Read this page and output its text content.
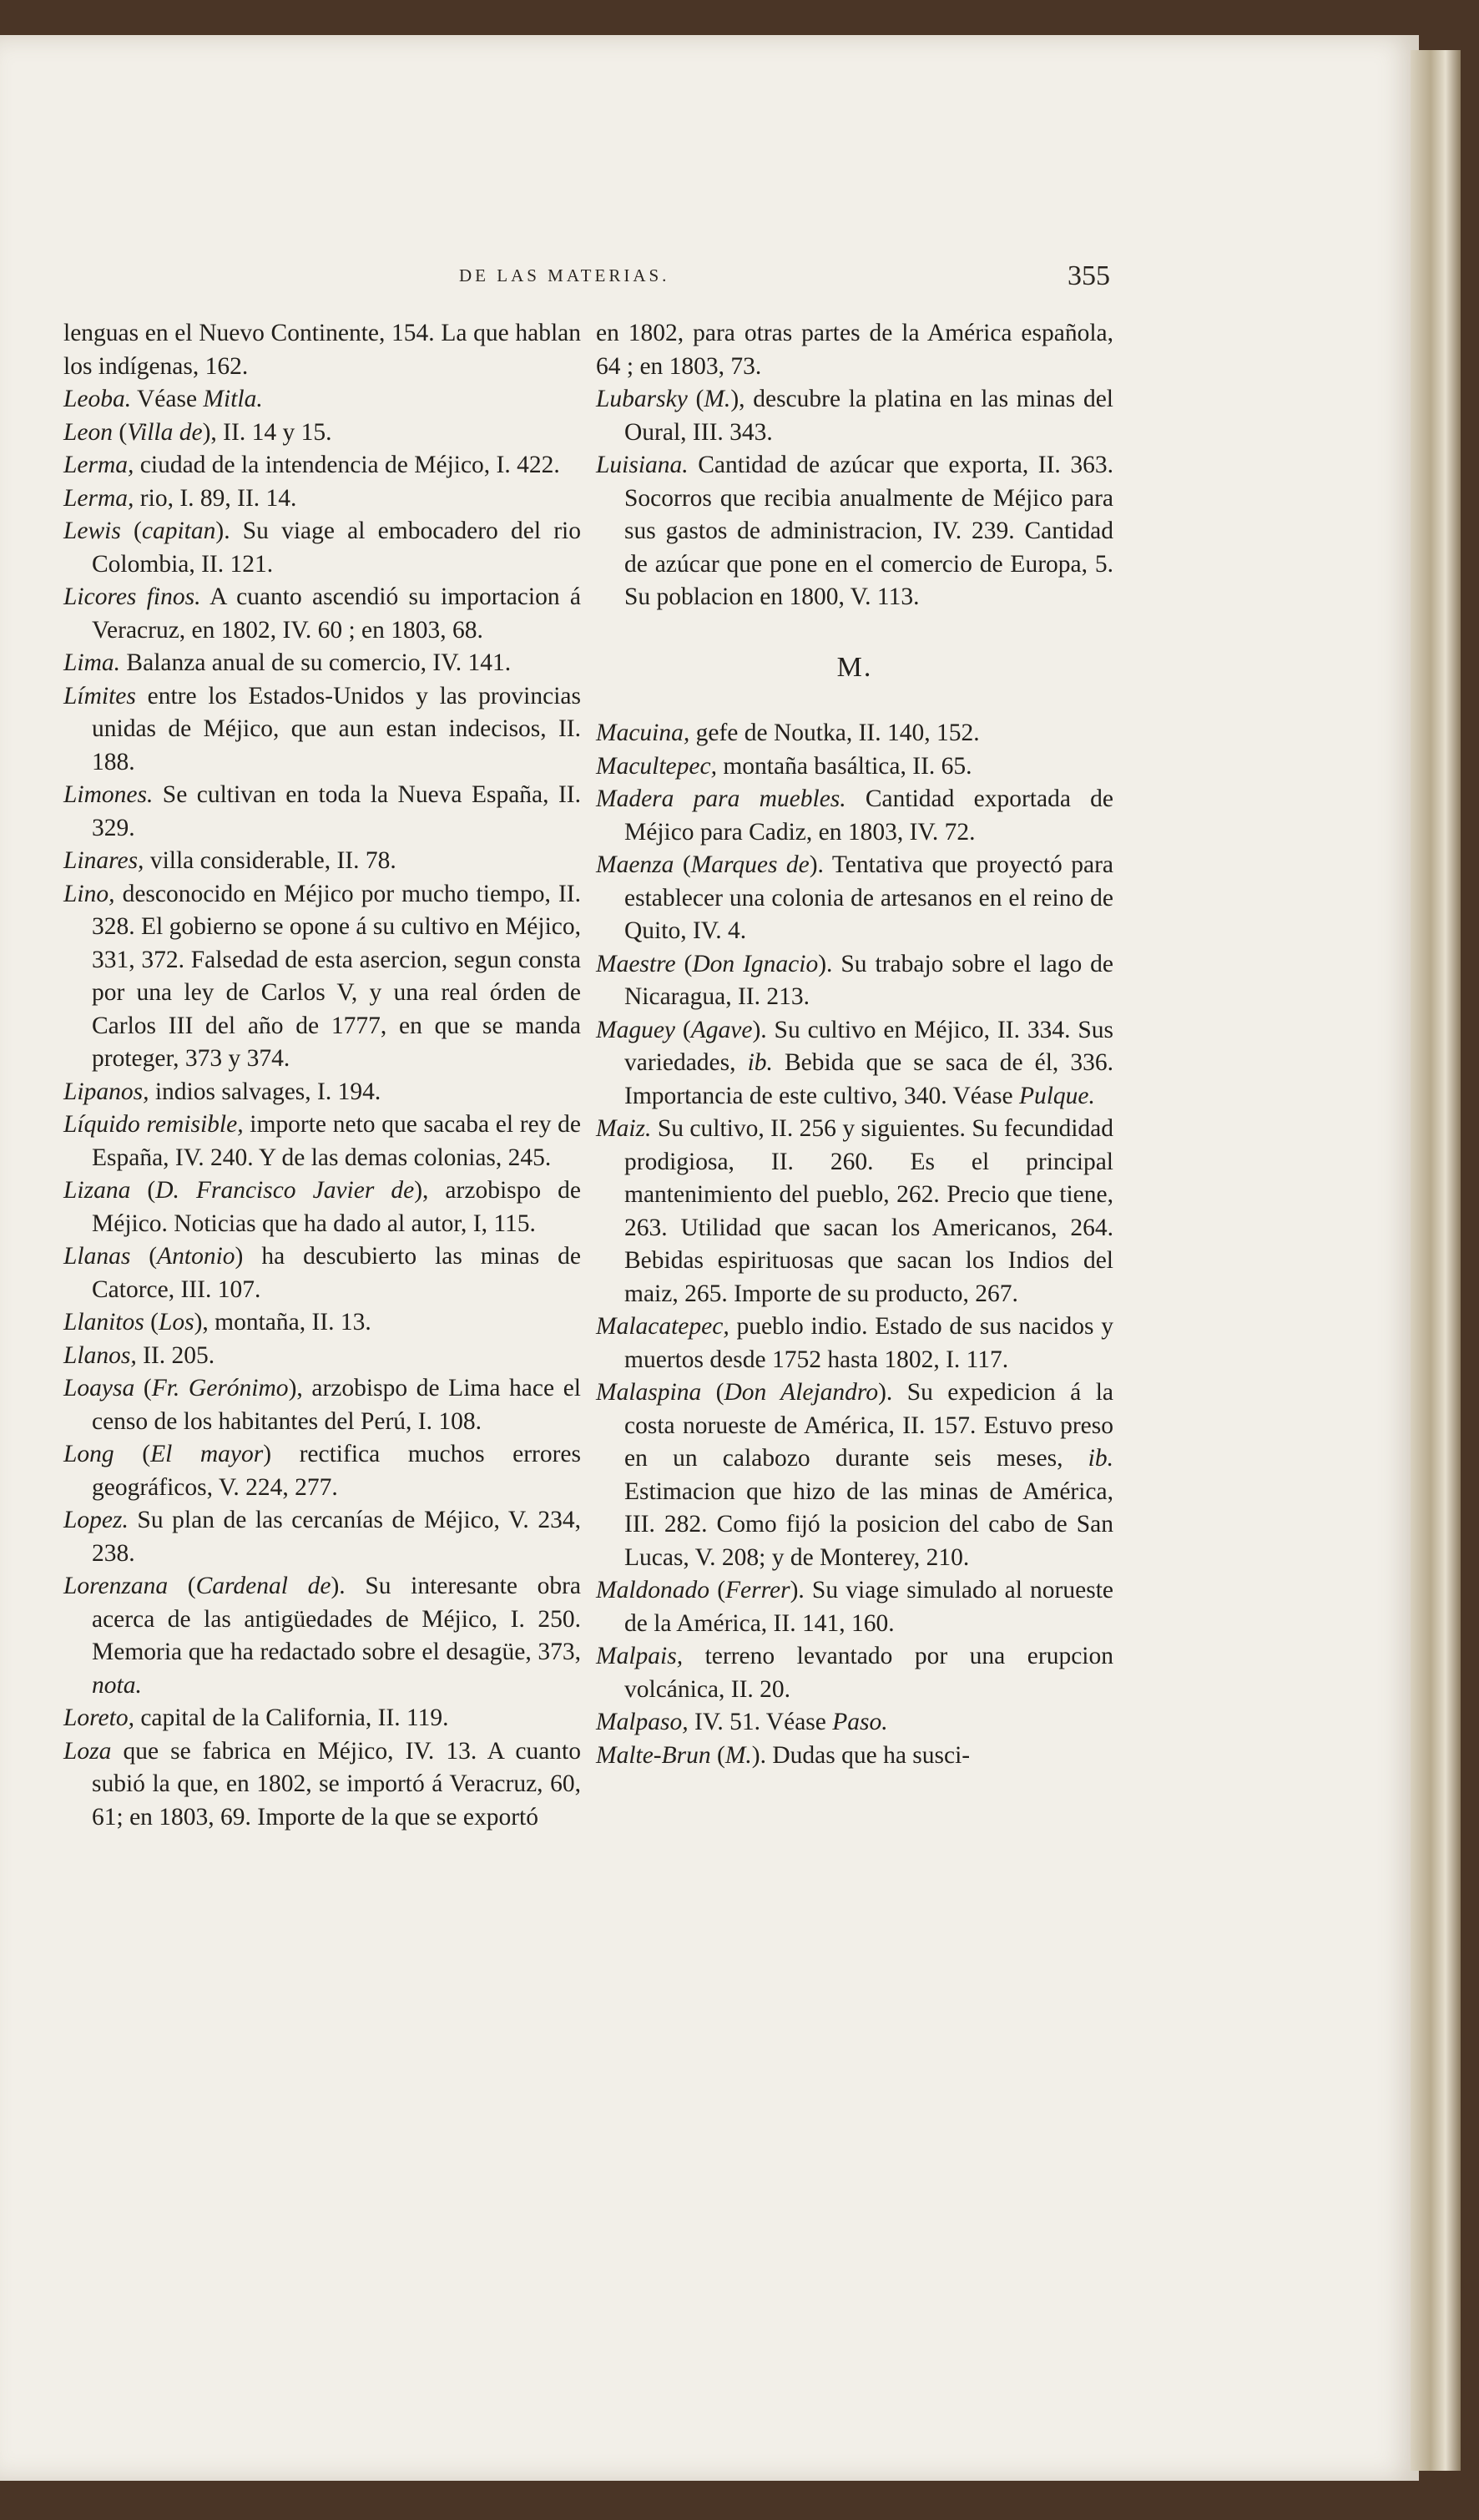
DE LAS MATERIAS.	355

lenguas en el Nuevo Continente, 154. La que hablan los indígenas, 162.

Leoba. Véase Mitla.

Leon (Villa de), II. 14 y 15.

Lerma, ciudad de la intendencia de Méjico, I. 422.

Lerma, rio, I. 89, II. 14.

Lewis (capitan). Su viage al embocadero del rio Colombia, II. 121.

Licores finos. A cuanto ascendió su importacion á Veracruz, en 1802, IV. 60 ; en 1803, 68.

Lima. Balanza anual de su comercio, IV. 141.

Límites entre los Estados-Unidos y las provincias unidas de Méjico, que aun estan indecisos, II. 188.

Limones. Se cultivan en toda la Nueva España, II. 329.

Linares, villa considerable, II. 78.

Lino, desconocido en Méjico por mucho tiempo, II. 328. El gobierno se opone á su cultivo en Méjico, 331, 372. Falsedad de esta asercion, segun consta por una ley de Carlos V, y una real órden de Carlos III del año de 1777, en que se manda proteger, 373 y 374.

Lipanos, indios salvages, I. 194.

Líquido remisible, importe neto que sacaba el rey de España, IV. 240. Y de las demas colonias, 245.

Lizana (D. Francisco Javier de), arzobispo de Méjico. Noticias que ha dado al autor, I, 115.

Llanas (Antonio) ha descubierto las minas de Catorce, III. 107.

Llanitos (Los), montaña, II. 13.

Llanos, II. 205.

Loaysa (Fr. Gerónimo), arzobispo de Lima hace el censo de los habitantes del Perú, I. 108.

Long (El mayor) rectifica muchos errores geográficos, V. 224, 277.

Lopez. Su plan de las cercanías de Méjico, V. 234, 238.

Lorenzana (Cardenal de). Su interesante obra acerca de las antigüedades de Méjico, I. 250. Memoria que ha redactado sobre el desagüe, 373, nota.

Loreto, capital de la California, II. 119.

Loza que se fabrica en Méjico, IV. 13. A cuanto subió la que, en 1802, se importó á Veracruz, 60, 61; en 1803, 69. Importe de la que se exportó

en 1802, para otras partes de la América española, 64 ; en 1803, 73.

Lubarsky (M.), descubre la platina en las minas del Oural, III. 343.

Luisiana. Cantidad de azúcar que exporta, II. 363. Socorros que recibia anualmente de Méjico para sus gastos de administracion, IV. 239. Cantidad de azúcar que pone en el comercio de Europa, 5. Su poblacion en 1800, V. 113.

M.

Macuina, gefe de Noutka, II. 140, 152.

Macultepec, montaña basáltica, II. 65.

Madera para muebles. Cantidad exportada de Méjico para Cadiz, en 1803, IV. 72.

Maenza (Marques de). Tentativa que proyectó para establecer una colonia de artesanos en el reino de Quito, IV. 4.

Maestre (Don Ignacio). Su trabajo sobre el lago de Nicaragua, II. 213.

Maguey (Agave). Su cultivo en Méjico, II. 334. Sus variedades, ib. Bebida que se saca de él, 336. Importancia de este cultivo, 340. Véase Pulque.

Maiz. Su cultivo, II. 256 y siguientes. Su fecundidad prodigiosa, II. 260. Es el principal mantenimiento del pueblo, 262. Precio que tiene, 263. Utilidad que sacan los Americanos, 264. Bebidas espirituosas que sacan los Indios del maiz, 265. Importe de su producto, 267.

Malacatepec, pueblo indio. Estado de sus nacidos y muertos desde 1752 hasta 1802, I. 117.

Malaspina (Don Alejandro). Su expedicion á la costa norueste de América, II. 157. Estuvo preso en un calabozo durante seis meses, ib. Estimacion que hizo de las minas de América, III. 282. Como fijó la posicion del cabo de San Lucas, V. 208; y de Monterey, 210.

Maldonado (Ferrer). Su viage simulado al norueste de la América, II. 141, 160.

Malpais, terreno levantado por una erupcion volcánica, II. 20.

Malpaso, IV. 51. Véase Paso.

Malte-Brun (M.). Dudas que ha susci-
